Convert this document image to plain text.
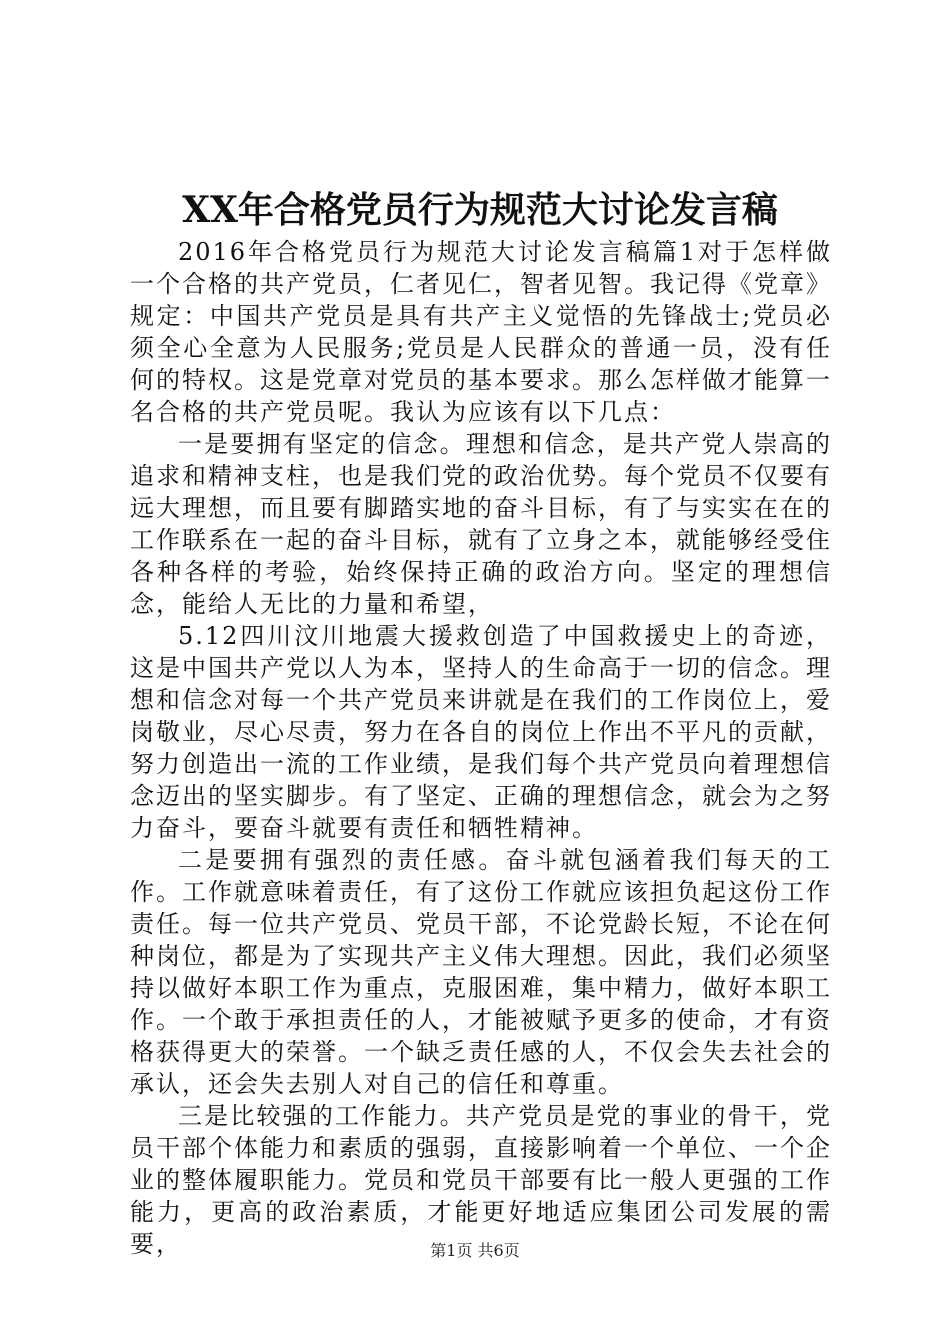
XX年合格党员行为规范大讨论发言稿

2016年合格党员行为规范大讨论发言稿篇1对于怎样做一个合格的共产党员，仁者见仁，智者见智。我记得《党章》规定：中国共产党员是具有共产主义觉悟的先锋战士;党员必须全心全意为人民服务;党员是人民群众的普通一员，没有任何的特权。这是党章对党员的基本要求。那么怎样做才能算一名合格的共产党员呢。我认为应该有以下几点：

一是要拥有坚定的信念。理想和信念，是共产党人崇高的追求和精神支柱，也是我们党的政治优势。每个党员不仅要有远大理想，而且要有脚踏实地的奋斗目标，有了与实实在在的工作联系在一起的奋斗目标，就有了立身之本，就能够经受住各种各样的考验，始终保持正确的政治方向。坚定的理想信念，能给人无比的力量和希望，

5.12四川汶川地震大援救创造了中国救援史上的奇迹，这是中国共产党以人为本，坚持人的生命高于一切的信念。理想和信念对每一个共产党员来讲就是在我们的工作岗位上，爱岗敬业，尽心尽责，努力在各自的岗位上作出不平凡的贡献，努力创造出一流的工作业绩，是我们每个共产党员向着理想信念迈出的坚实脚步。有了坚定、正确的理想信念，就会为之努力奋斗，要奋斗就要有责任和牺牲精神。

二是要拥有强烈的责任感。奋斗就包涵着我们每天的工作。工作就意味着责任，有了这份工作就应该担负起这份工作责任。每一位共产党员、党员干部，不论党龄长短，不论在何种岗位，都是为了实现共产主义伟大理想。因此，我们必须坚持以做好本职工作为重点，克服困难，集中精力，做好本职工作。一个敢于承担责任的人，才能被赋予更多的使命，才有资格获得更大的荣誉。一个缺乏责任感的人，不仅会失去社会的承认，还会失去别人对自己的信任和尊重。

三是比较强的工作能力。共产党员是党的事业的骨干，党员干部个体能力和素质的强弱，直接影响着一个单位、一个企业的整体履职能力。党员和党员干部要有比一般人更强的工作能力，更高的政治素质，才能更好地适应集团公司发展的需要，	第1页 共6页
